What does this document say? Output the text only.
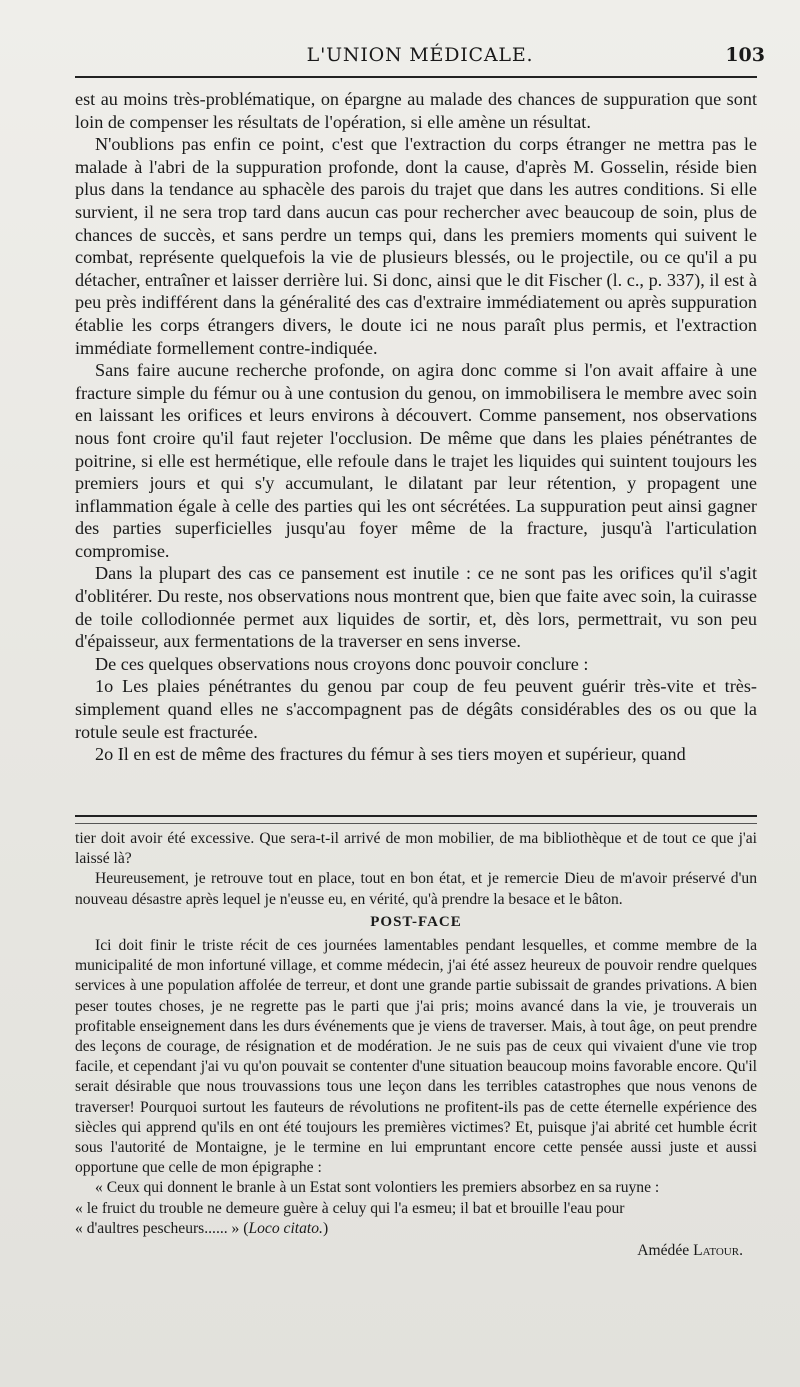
L'UNION MÉDICALE.	103

est au moins très-problématique, on épargne au malade des chances de suppuration que sont loin de compenser les résultats de l'opération, si elle amène un résultat.

N'oublions pas enfin ce point, c'est que l'extraction du corps étranger ne mettra pas le malade à l'abri de la suppuration profonde, dont la cause, d'après M. Gosselin, réside bien plus dans la tendance au sphacèle des parois du trajet que dans les autres conditions. Si elle survient, il ne sera trop tard dans aucun cas pour rechercher avec beaucoup de soin, plus de chances de succès, et sans perdre un temps qui, dans les premiers moments qui suivent le combat, représente quelquefois la vie de plusieurs blessés, ou le projectile, ou ce qu'il a pu détacher, entraîner et laisser derrière lui. Si donc, ainsi que le dit Fischer (l. c., p. 337), il est à peu près indifférent dans la généralité des cas d'extraire immédiatement ou après suppuration établie les corps étrangers divers, le doute ici ne nous paraît plus permis, et l'extraction immédiate formellement contre-indiquée.

Sans faire aucune recherche profonde, on agira donc comme si l'on avait affaire à une fracture simple du fémur ou à une contusion du genou, on immobilisera le membre avec soin en laissant les orifices et leurs environs à découvert. Comme pansement, nos observations nous font croire qu'il faut rejeter l'occlusion. De même que dans les plaies pénétrantes de poitrine, si elle est hermétique, elle refoule dans le trajet les liquides qui suintent toujours les premiers jours et qui s'y accumulant, le dilatant par leur rétention, y propagent une inflammation égale à celle des parties qui les ont sécrétées. La suppuration peut ainsi gagner des parties superficielles jusqu'au foyer même de la fracture, jusqu'à l'articulation compromise.

Dans la plupart des cas ce pansement est inutile : ce ne sont pas les orifices qu'il s'agit d'oblitérer. Du reste, nos observations nous montrent que, bien que faite avec soin, la cuirasse de toile collodionnée permet aux liquides de sortir, et, dès lors, permettrait, vu son peu d'épaisseur, aux fermentations de la traverser en sens inverse.

De ces quelques observations nous croyons donc pouvoir conclure :

1o Les plaies pénétrantes du genou par coup de feu peuvent guérir très-vite et très-simplement quand elles ne s'accompagnent pas de dégâts considérables des os ou que la rotule seule est fracturée.

2o Il en est de même des fractures du fémur à ses tiers moyen et supérieur, quand

tier doit avoir été excessive. Que sera-t-il arrivé de mon mobilier, de ma bibliothèque et de tout ce que j'ai laissé là?

Heureusement, je retrouve tout en place, tout en bon état, et je remercie Dieu de m'avoir préservé d'un nouveau désastre après lequel je n'eusse eu, en vérité, qu'à prendre la besace et le bâton.

POST-FACE

Ici doit finir le triste récit de ces journées lamentables pendant lesquelles, et comme membre de la municipalité de mon infortuné village, et comme médecin, j'ai été assez heureux de pouvoir rendre quelques services à une population affolée de terreur, et dont une grande partie subissait de grandes privations. A bien peser toutes choses, je ne regrette pas le parti que j'ai pris; moins avancé dans la vie, je trouverais un profitable enseignement dans les durs événements que je viens de traverser. Mais, à tout âge, on peut prendre des leçons de courage, de résignation et de modération. Je ne suis pas de ceux qui vivaient d'une vie trop facile, et cependant j'ai vu qu'on pouvait se contenter d'une situation beaucoup moins favorable encore. Qu'il serait désirable que nous trouvassions tous une leçon dans les terribles catastrophes que nous venons de traverser! Pourquoi surtout les fauteurs de révolutions ne profitent-ils pas de cette éternelle expérience des siècles qui apprend qu'ils en ont été toujours les premières victimes? Et, puisque j'ai abrité cet humble écrit sous l'autorité de Montaigne, je le termine en lui empruntant encore cette pensée aussi juste et aussi opportune que celle de mon épigraphe :

« Ceux qui donnent le branle à un Estat sont volontiers les premiers absorbez en sa ruyne :

« le fruict du trouble ne demeure guère à celuy qui l'a esmeu; il bat et brouille l'eau pour

« d'aultres pescheurs...... » (Loco citato.)

Amédée Latour.
